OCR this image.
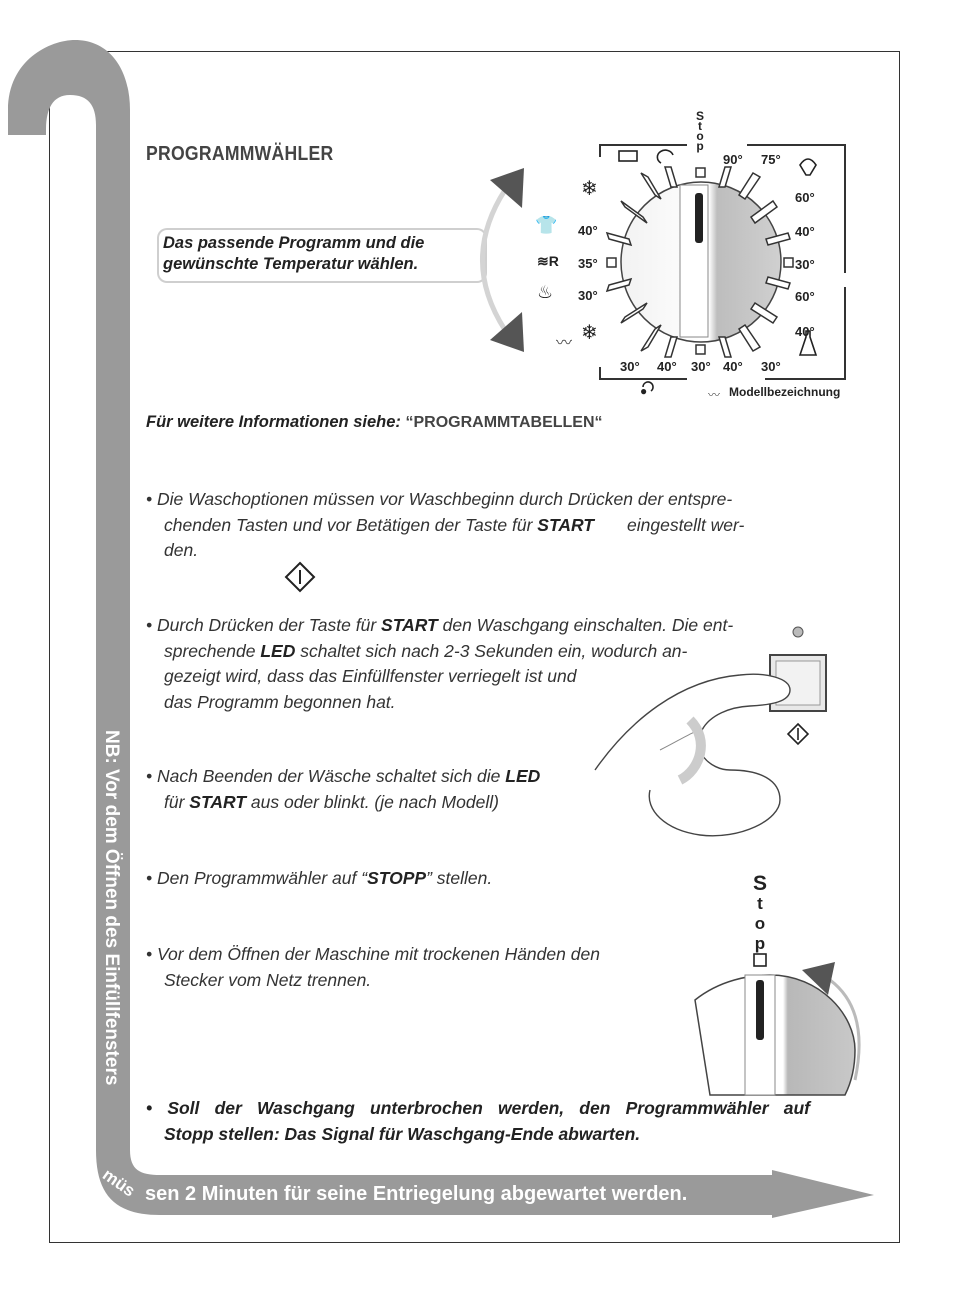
PROGRAMMWÄHLER
Das passende Programm und die
gewünschte Temperatur wählen.
❄
❄
👕
≋R
♨
〰
●	〰
S
t
o
p
90° 75°
60°
40°
30°
60°
40°
40°
35°
30°
30° 40° 30° 40° 30°
Modellbezeichnung
Für weitere Informationen siehe: “PROGRAMMTABELLEN“
• Die Waschoptionen müssen vor Waschbeginn durch Drücken der entspre-
chenden Tasten und vor Betätigen der Taste für START eingestellt wer-
den.
• Durch Drücken der Taste für START den Waschgang einschalten. Die ent-
sprechende LED schaltet sich nach 2-3 Sekunden ein, wodurch an-
gezeigt wird, dass das Einfüllfenster verriegelt ist und
das Programm begonnen hat.
• Nach Beenden der Wäsche schaltet sich die LED
für START aus oder blinkt. (je nach Modell)
• Den Programmwähler auf “STOPP” stellen.
• Vor dem Öffnen der Maschine mit trockenen Händen den
Stecker vom Netz trennen.
S
t
o
p
• Soll der Waschgang unterbrochen werden, den Programmwähler auf
Stopp stellen: Das Signal für Waschgang-Ende abwarten.
NB: Vor dem Öffnen des Einfüllfensters
müs sen 2 Minuten für seine Entriegelung abgewartet werden.
